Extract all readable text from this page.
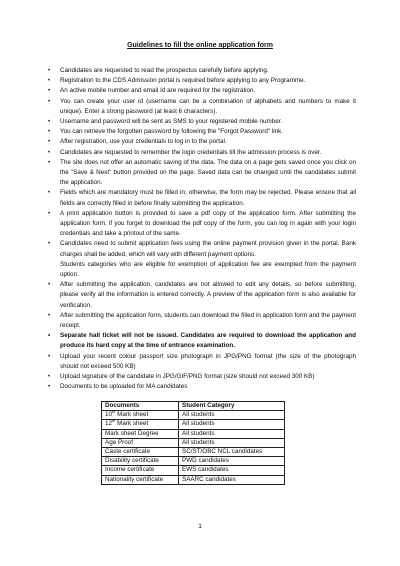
Guidelines to fill the online application form
• Candidates are requested to read the prospectus carefully before applying.
• Registration to the CDS Admission portal is required before applying to any Programme.
• An active mobile number and email Id are required for the registration.
• You can create your user id (username can be a combination of alphabets and numbers to make it unique). Enter a strong password (at least 6 characters).
• Username and password will be sent as SMS to your registered mobile number.
• You can retrieve the forgotten password by following the "Forgot Password" link.
• After registration, use your credentials to log in to the portal.
• Candidates are requested to remember the login credentials till the admission process is over.
• The site does not offer an automatic saving of the data. The data on a page gets saved once you click on the "Save & Next" button provided on the page. Saved data can be changed until the candidates submit the application.
• Fields which are mandatory must be filled in; otherwise, the form may be rejected. Please ensure that all fields are correctly filled in before finally submitting the application.
• A print application button is provided to save a pdf copy of the application form. After submitting the application form, if you forget to download the pdf copy of the form, you can log in again with your login credentials and take a printout of the same.
• Candidates need to submit application fees using the online payment provision given in the portal. Bank charges shall be added, which will vary with different payment options.
Students categories who are eligible for exemption of application fee are exempted from the payment option.
• After submitting the application, candidates are not allowed to edit any details, so before submitting, please verify all the information is entered correctly. A preview of the application form is also available for verification.
• After submitting the application form, students can download the filled in application form and the payment receipt.
• Separate hall ticket will not be issued. Candidates are required to download the application and produce its hard copy at the time of entrance examination.
• Upload your recent colour passport size photograph in JPG/PNG format (the size of the photograph should not exceed 500 KB)
• Upload signature of the candidate in JPG/GIF/PNG format (size should not exceed 300 KB)
• Documents to be uploaded for MA candidates
Documents	Student Category
10th Mark sheet	All students
12th Mark sheet	All students
Mark sheet Degree	All students
Age Proof	All students
Caste certificate	SC/ST/OBC NCL candidates
Disability certificate	PWD candidates
Income certificate	EWS candidates
Nationality certificate	SAARC candidates
1
